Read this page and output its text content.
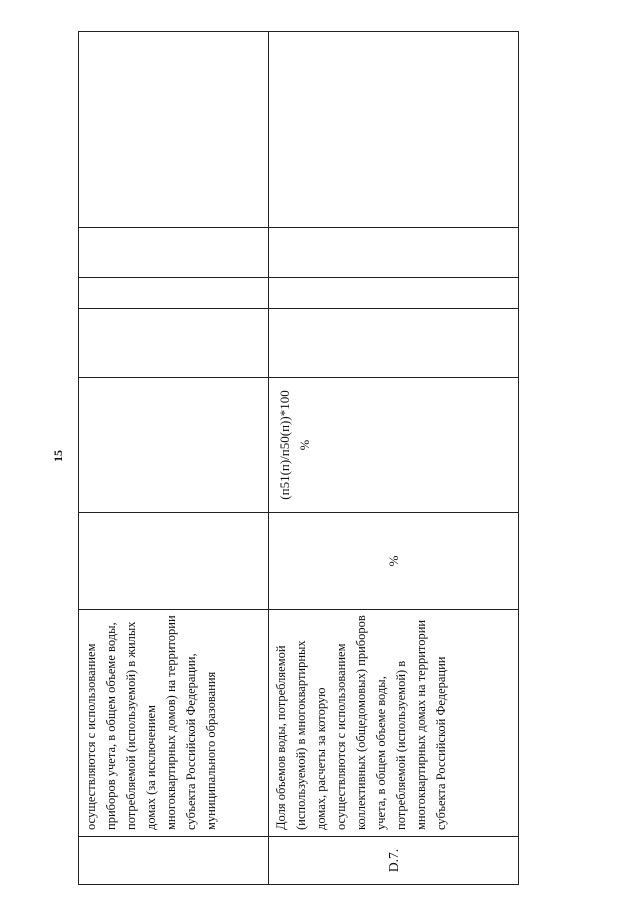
15

	осуществляются с использованием приборов учета, в общем объеме воды, потребляемой (используемой) в жилых домах (за исключением многоквартирных домов) на территории субъекта Российской Федерации, муниципального образования						

D.7.	Доля объемов воды, потребляемой (используемой) в многоквартирных домах, расчеты за которую осуществляются с использованием коллективных (общедомовых) приборов учета, в общем объеме воды, потребляемой (используемой) в многоквартирных домах на территории субъекта Российской Федерации	%	(п51(п)/п50(п))*100 %				
